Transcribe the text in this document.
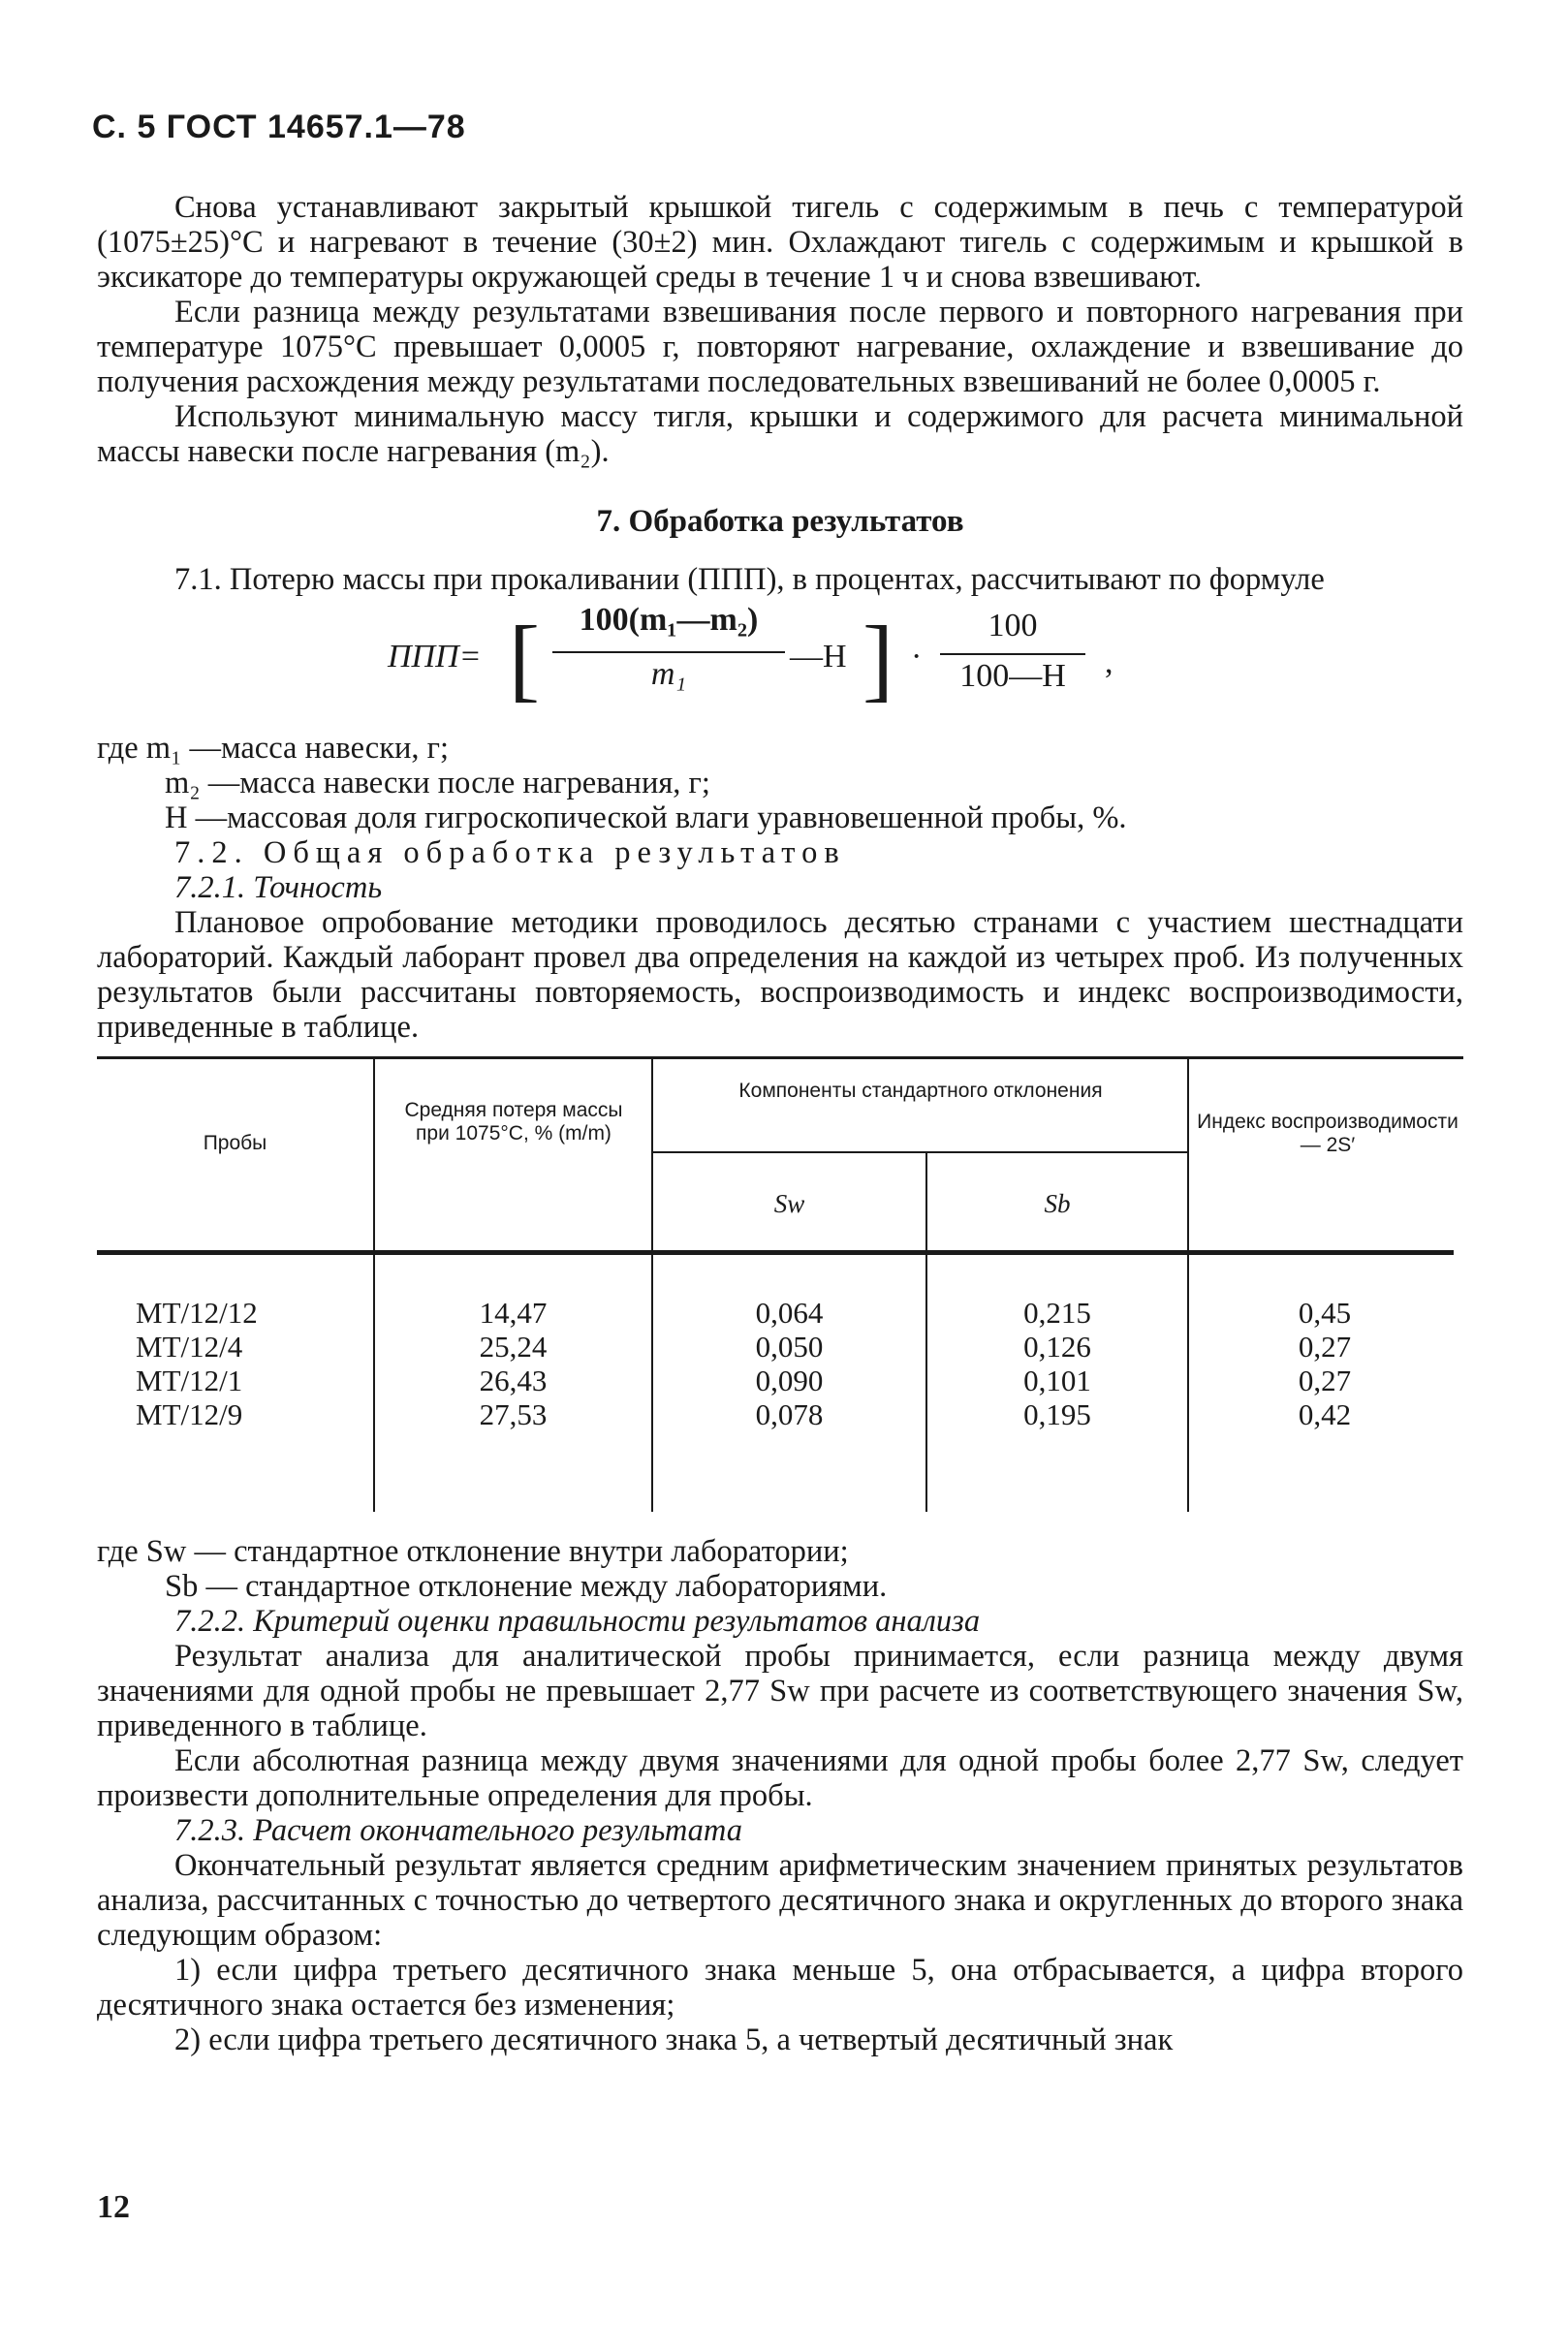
С. 5 ГОСТ 14657.1—78

Снова устанавливают закрытый крышкой тигель с содержимым в печь с температурой (1075±25)°С и нагревают в течение (30±2) мин. Охлаждают тигель с содержимым и крышкой в эксикаторе до температуры окружающей среды в течение 1 ч и снова взвешивают.

Если разница между результатами взвешивания после первого и повторного нагревания при температуре 1075°С превышает 0,0005 г, повторяют нагревание, охлаждение и взвешивание до получения расхождения между результатами последовательных взвешиваний не более 0,0005 г.

Используют минимальную массу тигля, крышки и содержимого для расчета минимальной массы навески после нагревания (m₂).

7. Обработка результатов

7.1. Потерю массы при прокаливании (ППП), в процентах, рассчитывают по формуле

ППП= [	100(m₁—m₂)
m₁	—H ] ·
100
100—H	,
где m₁ —масса навески, г;
m₂ —масса навески после нагревания, г;
H —массовая доля гигроскопической влаги уравновешенной пробы, %.

7.2. Общая обработка результатов

7.2.1. Точность

Плановое опробование методики проводилось десятью странами с участием шестнадцати лабораторий. Каждый лаборант провел два определения на каждой из четырех проб. Из полученных результатов были рассчитаны повторяемость, воспроизводимость и индекс воспроизводимости, приведенные в таблице.

Пробы
Средняя потеря массы при 1075°С, % (m/m)
Компоненты стандартного отклонения
Sw	Sb
Индекс воспроизводимости— 2S′
MT/12/12	14,47	0,064	0,215	0,45
MT/12/4	25,24	0,050	0,126	0,27
MT/12/1	26,43	0,090	0,101	0,27
MT/12/9	27,53	0,078	0,195	0,42
где Sw — стандартное отклонение внутри лаборатории;
Sb — стандартное отклонение между лабораториями.

7.2.2. Критерий оценки правильности результатов анализа

Результат анализа для аналитической пробы принимается, если разница между двумя значениями для одной пробы не превышает 2,77 Sw при расчете из соответствующего значения Sw, приведенного в таблице.

Если абсолютная разница между двумя значениями для одной пробы более 2,77 Sw, следует произвести дополнительные определения для пробы.

7.2.3. Расчет окончательного результата

Окончательный результат является средним арифметическим значением принятых результатов анализа, рассчитанных с точностью до четвертого десятичного знака и округленных до второго знака следующим образом:

1) если цифра третьего десятичного знака меньше 5, она отбрасывается, а цифра второго десятичного знака остается без изменения;

2) если цифра третьего десятичного знака 5, а четвертый десятичный знак

12
